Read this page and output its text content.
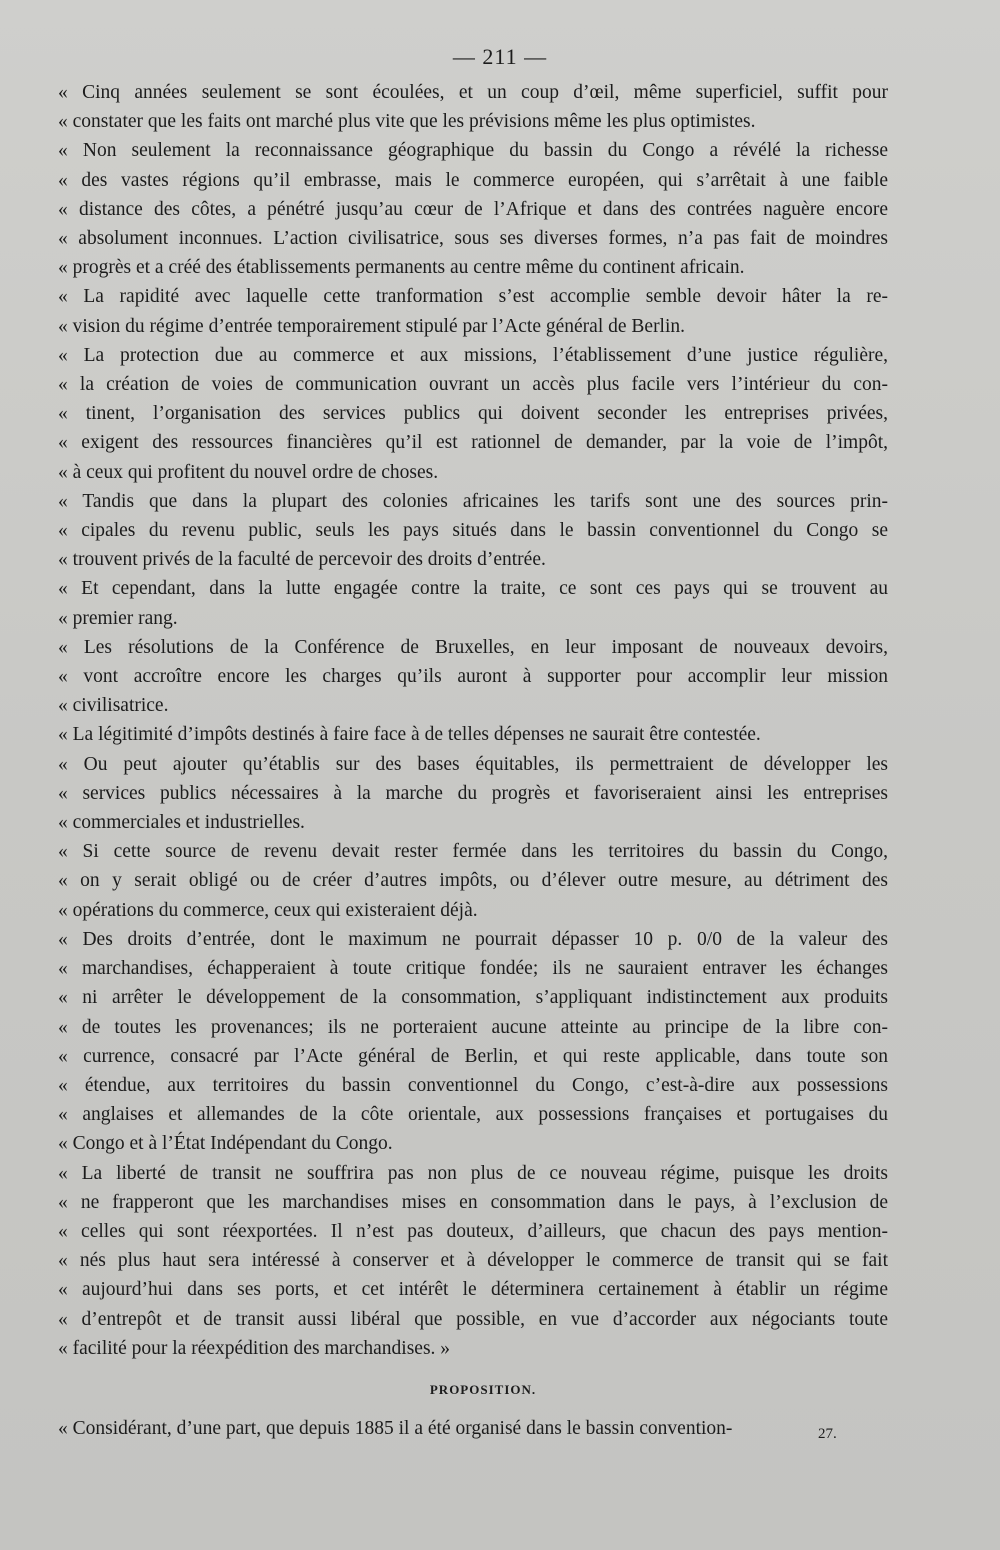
— 211 —
« Cinq années seulement se sont écoulées, et un coup d’œil, même superficiel, suffit pour
« constater que les faits ont marché plus vite que les prévisions même les plus optimistes.
« Non seulement la reconnaissance géographique du bassin du Congo a révélé la richesse
« des vastes régions qu’il embrasse, mais le commerce européen, qui s’arrêtait à une faible
« distance des côtes, a pénétré jusqu’au cœur de l’Afrique et dans des contrées naguère encore
« absolument inconnues. L’action civilisatrice, sous ses diverses formes, n’a pas fait de moindres
« progrès et a créé des établissements permanents au centre même du continent africain.
« La rapidité avec laquelle cette tranformation s’est accomplie semble devoir hâter la re-
« vision du régime d’entrée temporairement stipulé par l’Acte général de Berlin.
« La protection due au commerce et aux missions, l’établissement d’une justice régulière,
« la création de voies de communication ouvrant un accès plus facile vers l’intérieur du con-
« tinent, l’organisation des services publics qui doivent seconder les entreprises privées,
« exigent des ressources financières qu’il est rationnel de demander, par la voie de l’impôt,
« à ceux qui profitent du nouvel ordre de choses.
« Tandis que dans la plupart des colonies africaines les tarifs sont une des sources prin-
« cipales du revenu public, seuls les pays situés dans le bassin conventionnel du Congo se
« trouvent privés de la faculté de percevoir des droits d’entrée.
« Et cependant, dans la lutte engagée contre la traite, ce sont ces pays qui se trouvent au
« premier rang.
« Les résolutions de la Conférence de Bruxelles, en leur imposant de nouveaux devoirs,
« vont accroître encore les charges qu’ils auront à supporter pour accomplir leur mission
« civilisatrice.
« La légitimité d’impôts destinés à faire face à de telles dépenses ne saurait être contestée.
« Ou peut ajouter qu’établis sur des bases équitables, ils permettraient de développer les
« services publics nécessaires à la marche du progrès et favoriseraient ainsi les entreprises
« commerciales et industrielles.
« Si cette source de revenu devait rester fermée dans les territoires du bassin du Congo,
« on y serait obligé ou de créer d’autres impôts, ou d’élever outre mesure, au détriment des
« opérations du commerce, ceux qui existeraient déjà.
« Des droits d’entrée, dont le maximum ne pourrait dépasser 10 p. 0/0 de la valeur des
« marchandises, échapperaient à toute critique fondée; ils ne sauraient entraver les échanges
« ni arrêter le développement de la consommation, s’appliquant indistinctement aux produits
« de toutes les provenances; ils ne porteraient aucune atteinte au principe de la libre con-
« currence, consacré par l’Acte général de Berlin, et qui reste applicable, dans toute son
« étendue, aux territoires du bassin conventionnel du Congo, c’est-à-dire aux possessions
« anglaises et allemandes de la côte orientale, aux possessions françaises et portugaises du
« Congo et à l’État Indépendant du Congo.
« La liberté de transit ne souffrira pas non plus de ce nouveau régime, puisque les droits
« ne frapperont que les marchandises mises en consommation dans le pays, à l’exclusion de
« celles qui sont réexportées. Il n’est pas douteux, d’ailleurs, que chacun des pays mention-
« nés plus haut sera intéressé à conserver et à développer le commerce de transit qui se fait
« aujourd’hui dans ses ports, et cet intérêt le déterminera certainement à établir un régime
« d’entrepôt et de transit aussi libéral que possible, en vue d’accorder aux négociants toute
« facilité pour la réexpédition des marchandises. »
PROPOSITION.
« Considérant, d’une part, que depuis 1885 il a été organisé dans le bassin convention-	27.
